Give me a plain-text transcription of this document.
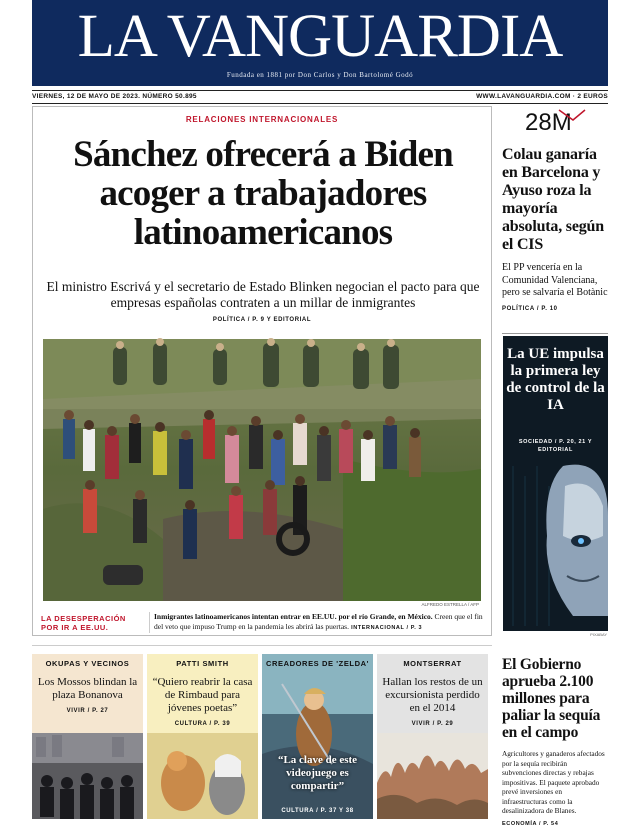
LA VANGUARDIA
Fundada en 1881 por Don Carlos y Don Bartolomé Godó
VIERNES, 12 DE MAYO DE 2023. NÚMERO 50.895	WWW.LAVANGUARDIA.COM · 2 EUROS
RELACIONES INTERNACIONALES
Sánchez ofrecerá a Biden acoger a trabajadores latinoamericanos

El ministro Escrivá y el secretario de Estado Blinken negocian el pacto para que empresas españolas contraten a un millar de inmigrantes

POLÍTICA / P. 9 Y EDITORIAL
ALFREDO ESTRELLA / AFP
LA DESESPERACIÓN POR IR A EE.UU.
Inmigrantes latinoamericanos intentan entrar en EE.UU. por el río Grande, en México. Creen que el fin del veto que impuso Trump en la pandemia les abrirá las puertas. INTERNACIONAL / P. 3
28M
Colau ganaría en Barcelona y Ayuso roza la mayoría absoluta, según el CIS

El PP vencería en la Comunidad Valenciana, pero se salvaría el Botànic

POLÍTICA / P. 10
La UE impulsa la primera ley de control de la IA
SOCIEDAD / P. 20, 21 Y EDITORIAL
PIXABAY
OKUPAS Y VECINOS
Los Mossos blindan la plaza Bonanova
VIVIR / P. 27
PATTI SMITH
“Quiero reabrir la casa de Rimbaud para jóvenes poetas”
CULTURA / P. 39
CREADORES DE 'ZELDA'
“La clave de este videojuego es compartir”
CULTURA / P. 37 Y 38
MONTSERRAT
Hallan los restos de un excursionista perdido en el 2014
VIVIR / P. 29
El Gobierno aprueba 2.100 millones para paliar la sequía en el campo

Agricultores y ganaderos afectados por la sequía recibirán subvenciones directas y rebajas impositivas. El paquete aprobado prevé inversiones en infraestructuras como la desalinizadora de Blanes. ECONOMÍA / P. 54
